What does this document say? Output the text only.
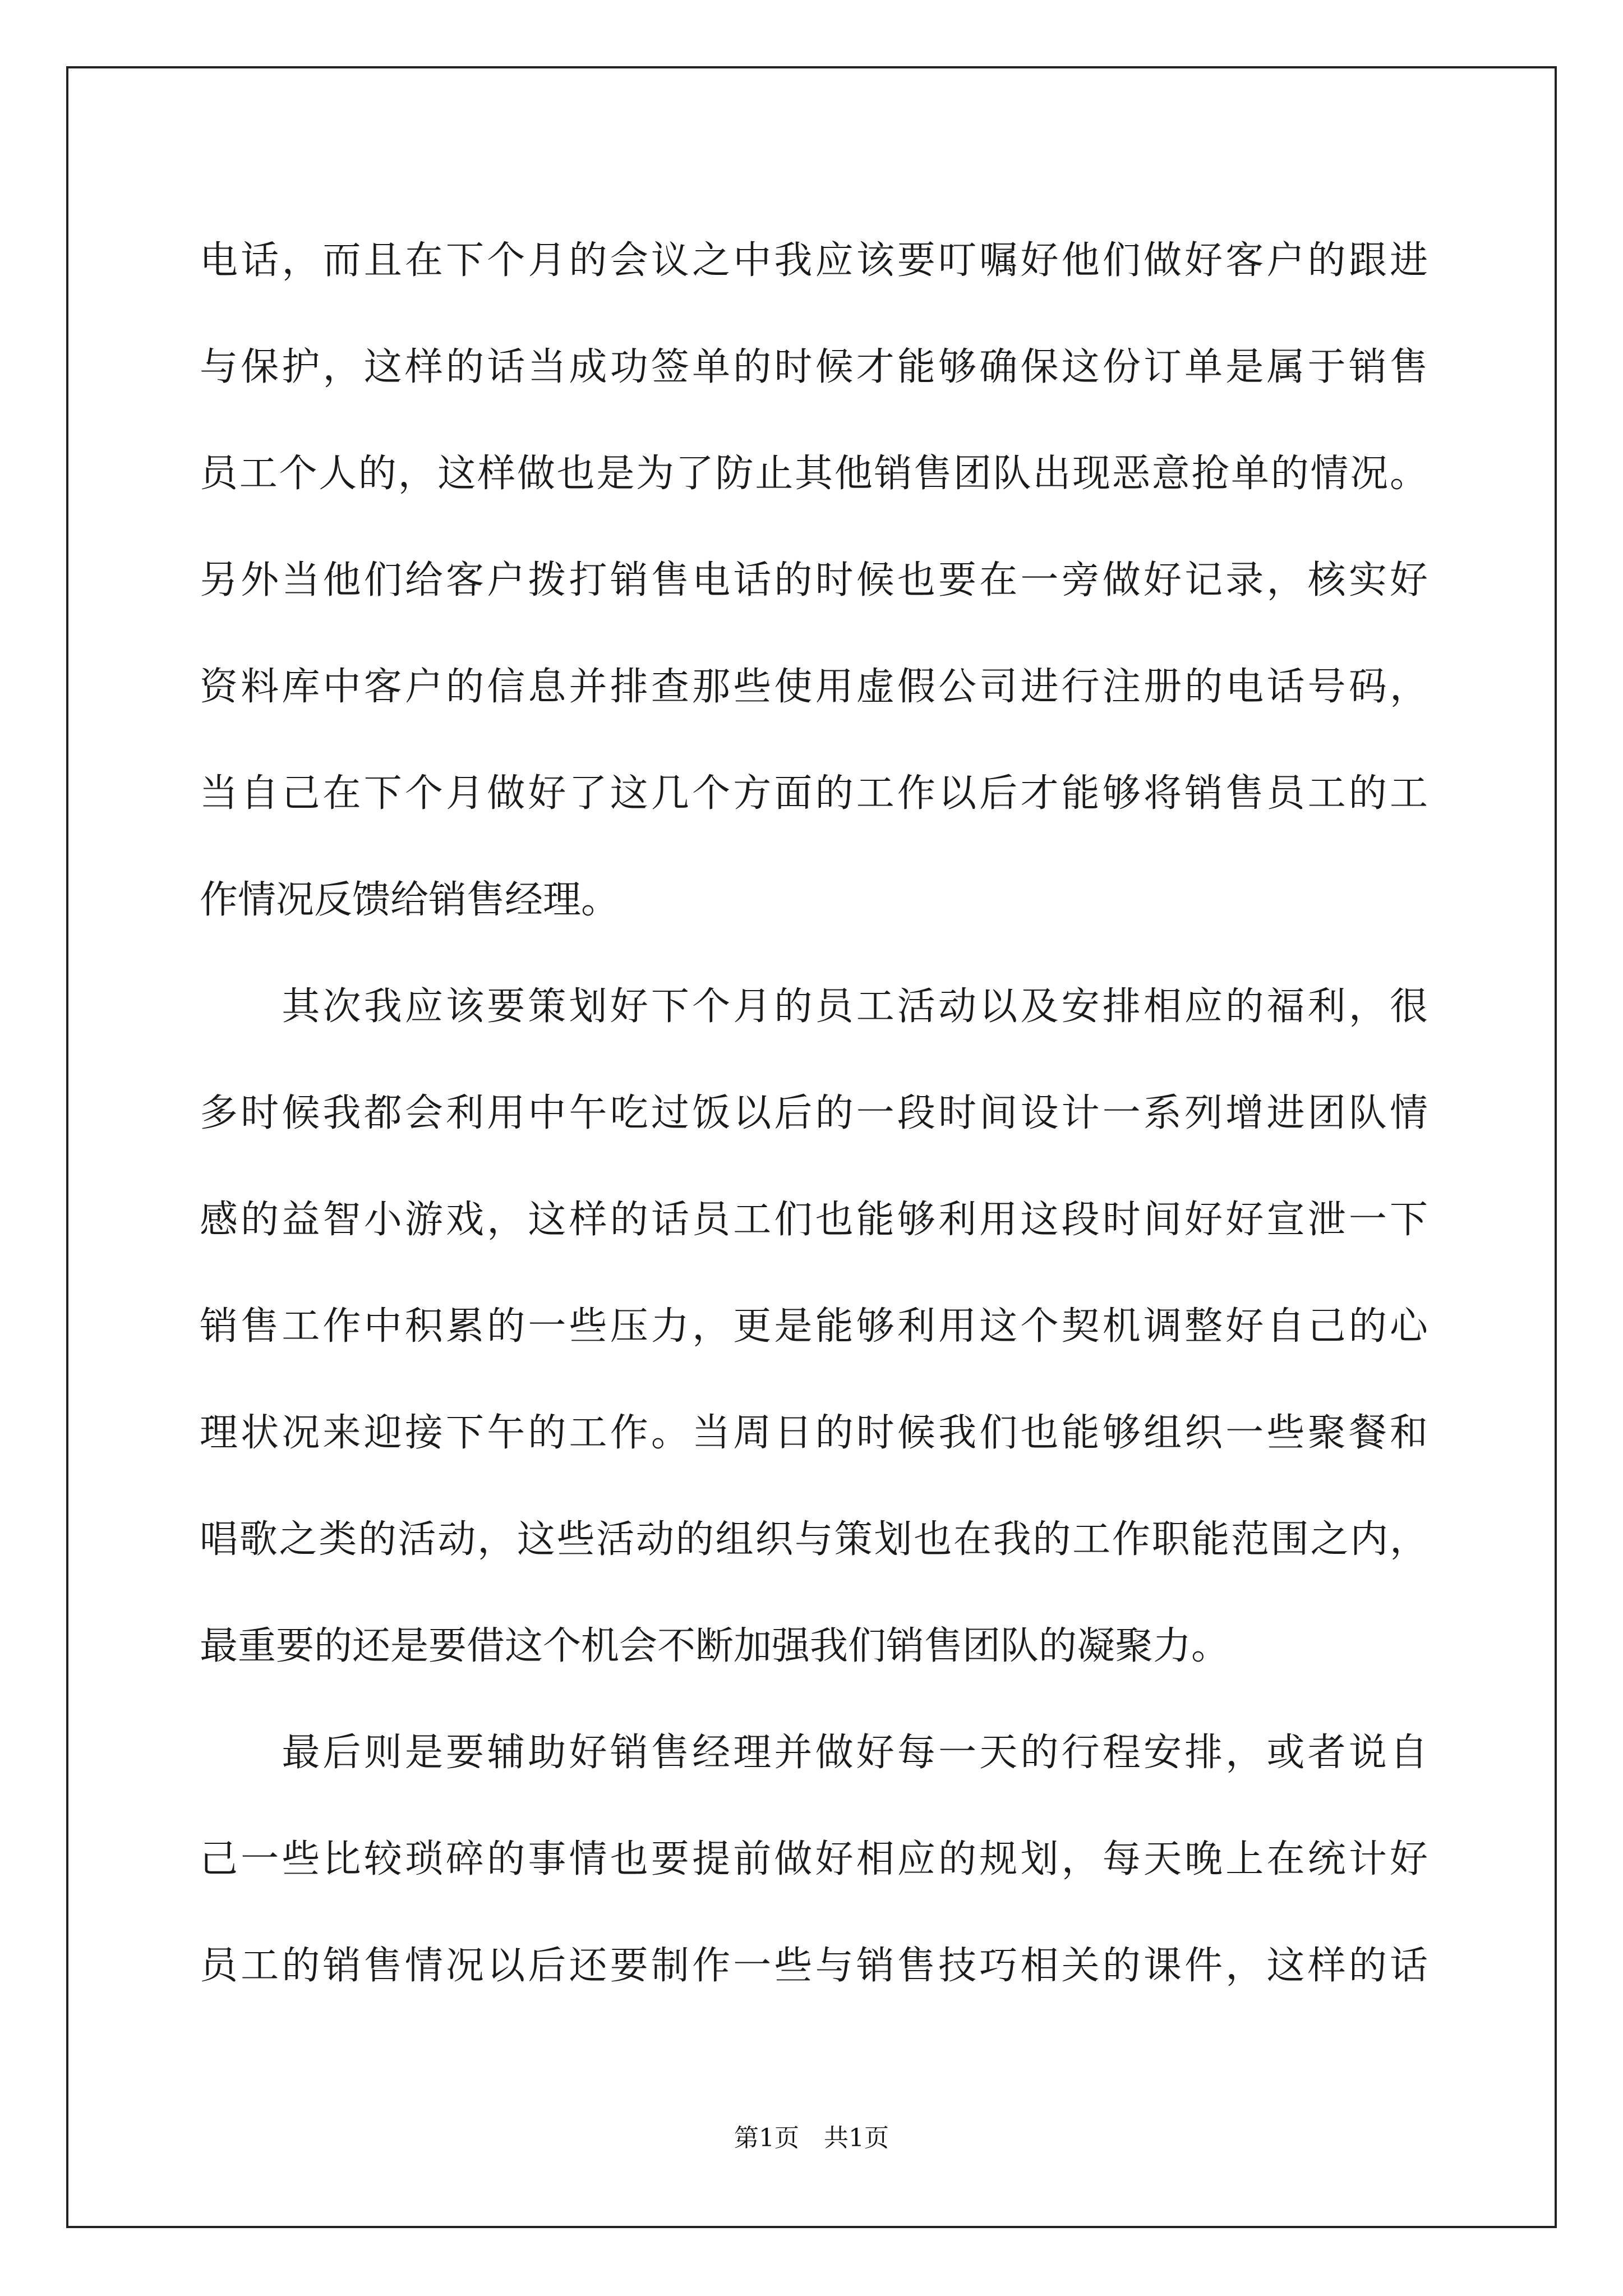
电话，而且在下个月的会议之中我应该要叮嘱好他们做好客户的跟进
与保护，这样的话当成功签单的时候才能够确保这份订单是属于销售
员工个人的，这样做也是为了防止其他销售团队出现恶意抢单的情况。
另外当他们给客户拨打销售电话的时候也要在一旁做好记录，核实好
资料库中客户的信息并排查那些使用虚假公司进行注册的电话号码，
当自己在下个月做好了这几个方面的工作以后才能够将销售员工的工
作情况反馈给销售经理。
　　其次我应该要策划好下个月的员工活动以及安排相应的福利，很
多时候我都会利用中午吃过饭以后的一段时间设计一系列增进团队情
感的益智小游戏，这样的话员工们也能够利用这段时间好好宣泄一下
销售工作中积累的一些压力，更是能够利用这个契机调整好自己的心
理状况来迎接下午的工作。当周日的时候我们也能够组织一些聚餐和
唱歌之类的活动，这些活动的组织与策划也在我的工作职能范围之内，
最重要的还是要借这个机会不断加强我们销售团队的凝聚力。
　　最后则是要辅助好销售经理并做好每一天的行程安排，或者说自
己一些比较琐碎的事情也要提前做好相应的规划，每天晚上在统计好
员工的销售情况以后还要制作一些与销售技巧相关的课件，这样的话
第1页　共1页
